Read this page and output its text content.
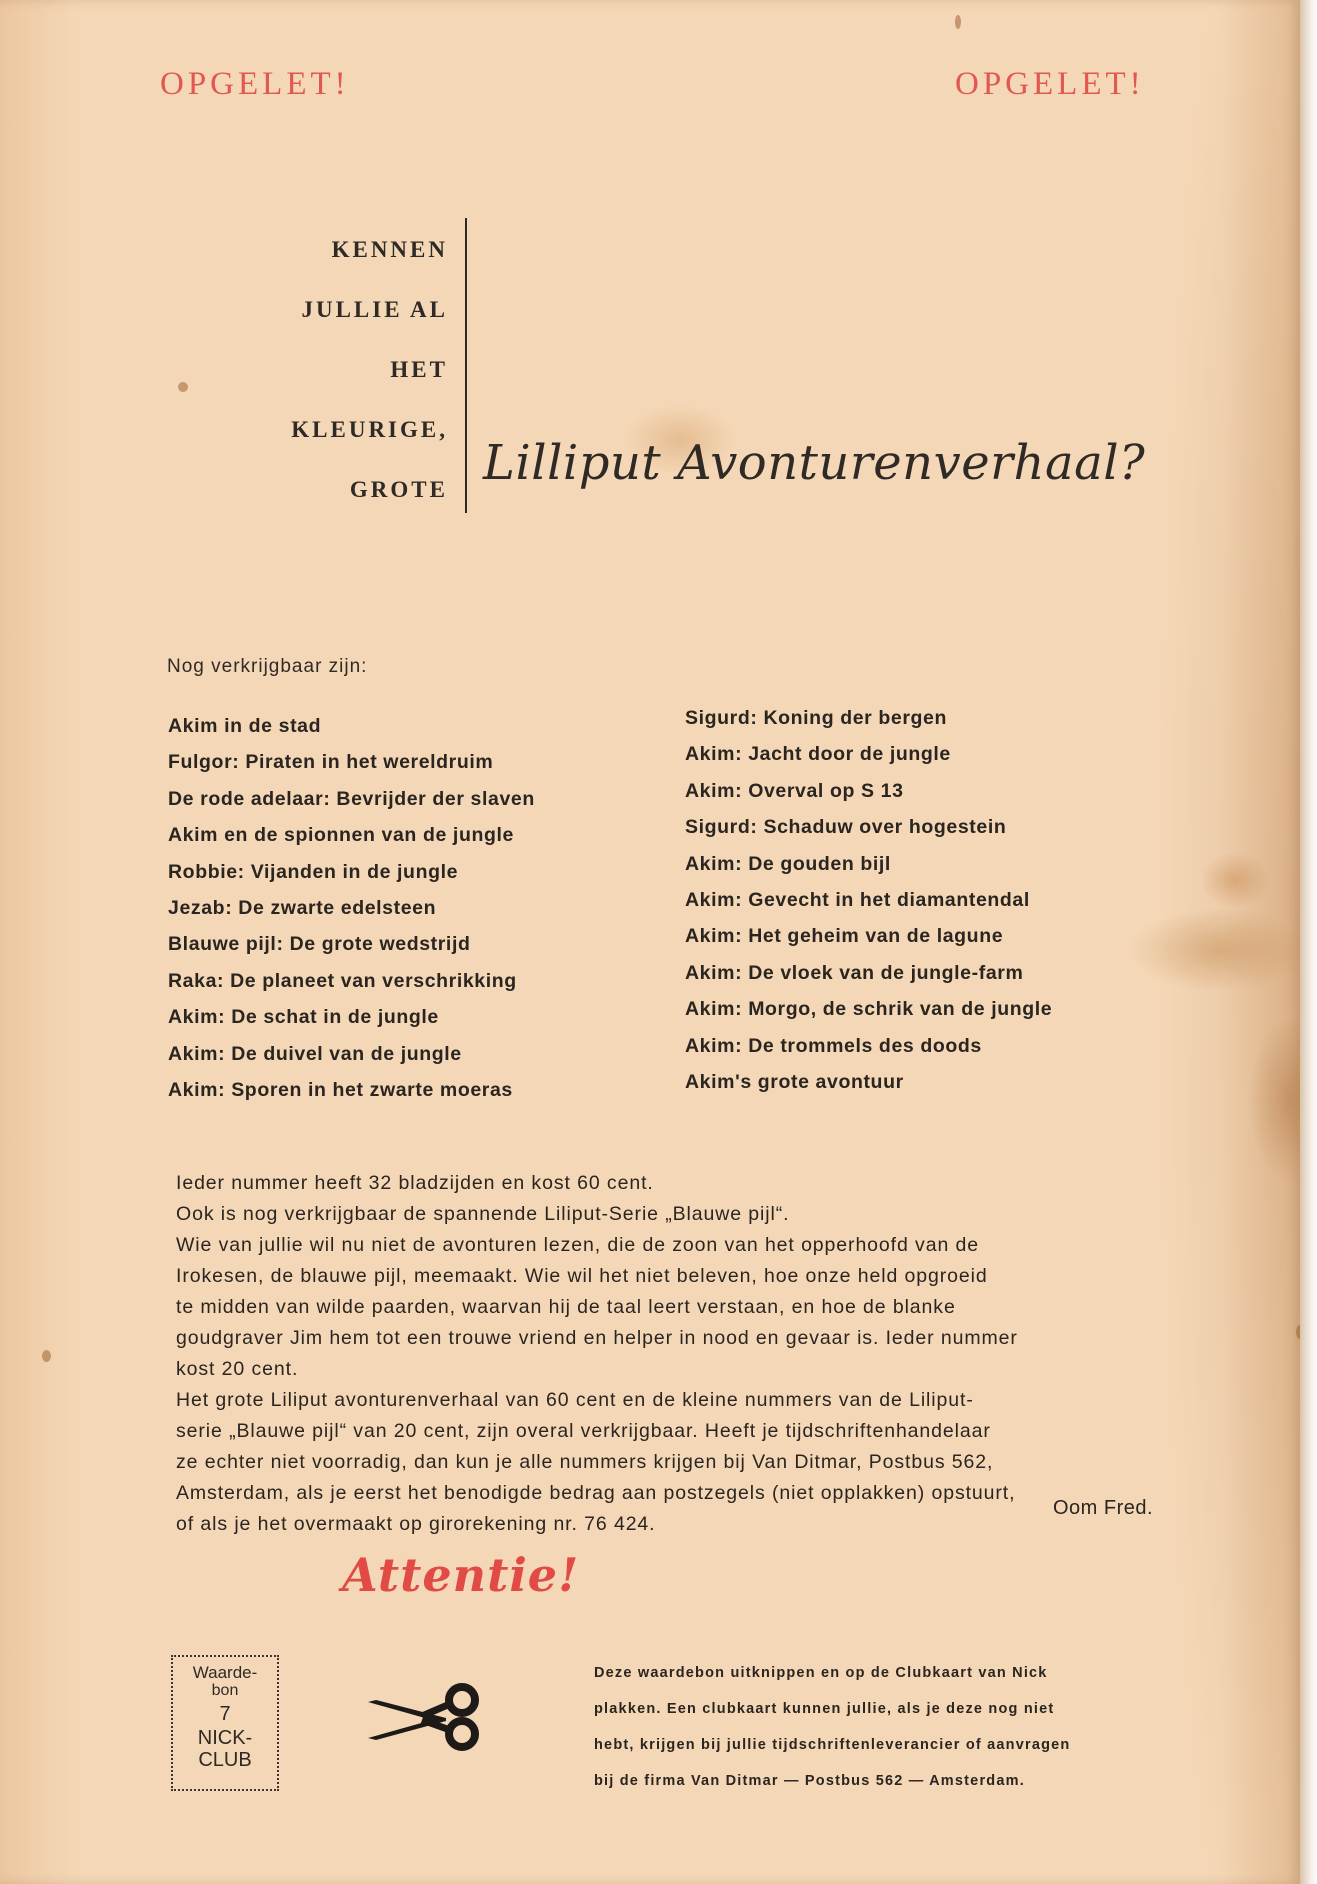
OPGELET!	OPGELET!
KENNEN
JULLIE AL
HET
KLEURIGE,
GROTE Lilliput Avonturenverhaal?
Nog verkrijgbaar zijn:
Akim in de stad
Fulgor: Piraten in het wereldruim
De rode adelaar: Bevrijder der slaven
Akim en de spionnen van de jungle
Robbie: Vijanden in de jungle
Jezab: De zwarte edelsteen
Blauwe pijl: De grote wedstrijd
Raka: De planeet van verschrikking
Akim: De schat in de jungle
Akim: De duivel van de jungle
Akim: Sporen in het zwarte moeras
Sigurd: Koning der bergen
Akim: Jacht door de jungle
Akim: Overval op S 13
Sigurd: Schaduw over hogestein
Akim: De gouden bijl
Akim: Gevecht in het diamantendal
Akim: Het geheim van de lagune
Akim: De vloek van de jungle-farm
Akim: Morgo, de schrik van de jungle
Akim: De trommels des doods
Akim's grote avontuur
Ieder nummer heeft 32 bladzijden en kost 60 cent.
Ook is nog verkrijgbaar de spannende Liliput-Serie „Blauwe pijl“.
Wie van jullie wil nu niet de avonturen lezen, die de zoon van het opperhoofd van de
Irokesen, de blauwe pijl, meemaakt. Wie wil het niet beleven, hoe onze held opgroeid
te midden van wilde paarden, waarvan hij de taal leert verstaan, en hoe de blanke
goudgraver Jim hem tot een trouwe vriend en helper in nood en gevaar is. Ieder nummer
kost 20 cent.
Het grote Liliput avonturenverhaal van 60 cent en de kleine nummers van de Liliput-
serie „Blauwe pijl“ van 20 cent, zijn overal verkrijgbaar. Heeft je tijdschriftenhandelaar
ze echter niet voorradig, dan kun je alle nummers krijgen bij Van Ditmar, Postbus 562,
Amsterdam, als je eerst het benodigde bedrag aan postzegels (niet opplakken) opstuurt,
of als je het overmaakt op girorekening nr. 76 424.
Oom Fred.
Attentie!
Waarde-
bon
7
NICK-
CLUB
Deze waardebon uitknippen en op de Clubkaart van Nick
plakken. Een clubkaart kunnen jullie, als je deze nog niet
hebt, krijgen bij jullie tijdschriftenleverancier of aanvragen
bij de firma Van Ditmar — Postbus 562 — Amsterdam.
